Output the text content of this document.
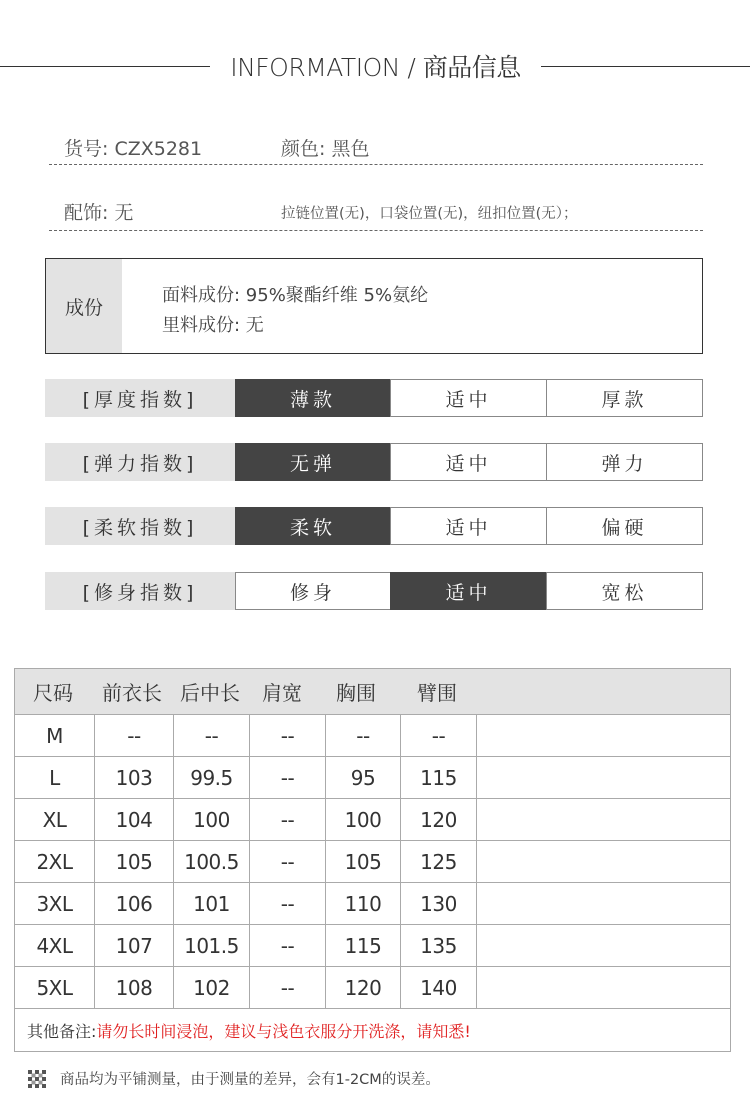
INFORMATION / 商品信息
货号: CZX5281	颜色: 黑色
配饰: 无	拉链位置(无)，口袋位置(无)，纽扣位置(无）；
成份
面料成份: 95%聚酯纤维 5%氨纶
里料成份: 无
[厚度指数]	薄款	适中	厚款
[弹力指数]	无弹	适中	弹力
[柔软指数]	柔软	适中	偏硬
[修身指数]	修身	适中	宽松
尺码 前衣长 后中长 肩宽 胸围 臂围
M	--	--	--	--	--
L	103	99.5	--	95	115
XL	104	100	--	100	120
2XL	105	100.5	--	105	125
3XL	106	101	--	110	130
4XL	107	101.5	--	115	135
5XL	108	102	--	120	140
其他备注: 请勿长时间浸泡，建议与浅色衣服分开洗涤，请知悉!
商品均为平铺测量，由于测量的差异，会有1-2CM的误差。
